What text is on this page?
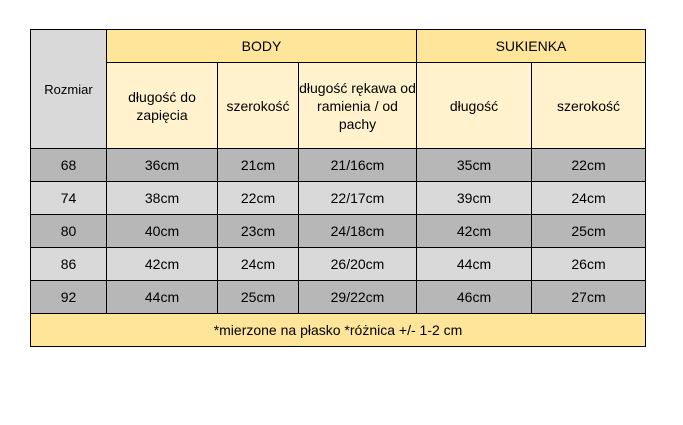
Rozmiar	BODY			SUKIENKA	
	długość do zapięcia	szerokość	długość rękawa od ramienia / od pachy	długość	szerokość
68	36cm	21cm	21/16cm	35cm	22cm
74	38cm	22cm	22/17cm	39cm	24cm
80	40cm	23cm	24/18cm	42cm	25cm
86	42cm	24cm	26/20cm	44cm	26cm
92	44cm	25cm	29/22cm	46cm	27cm
*mierzone na płasko *różnica +/- 1-2 cm					
